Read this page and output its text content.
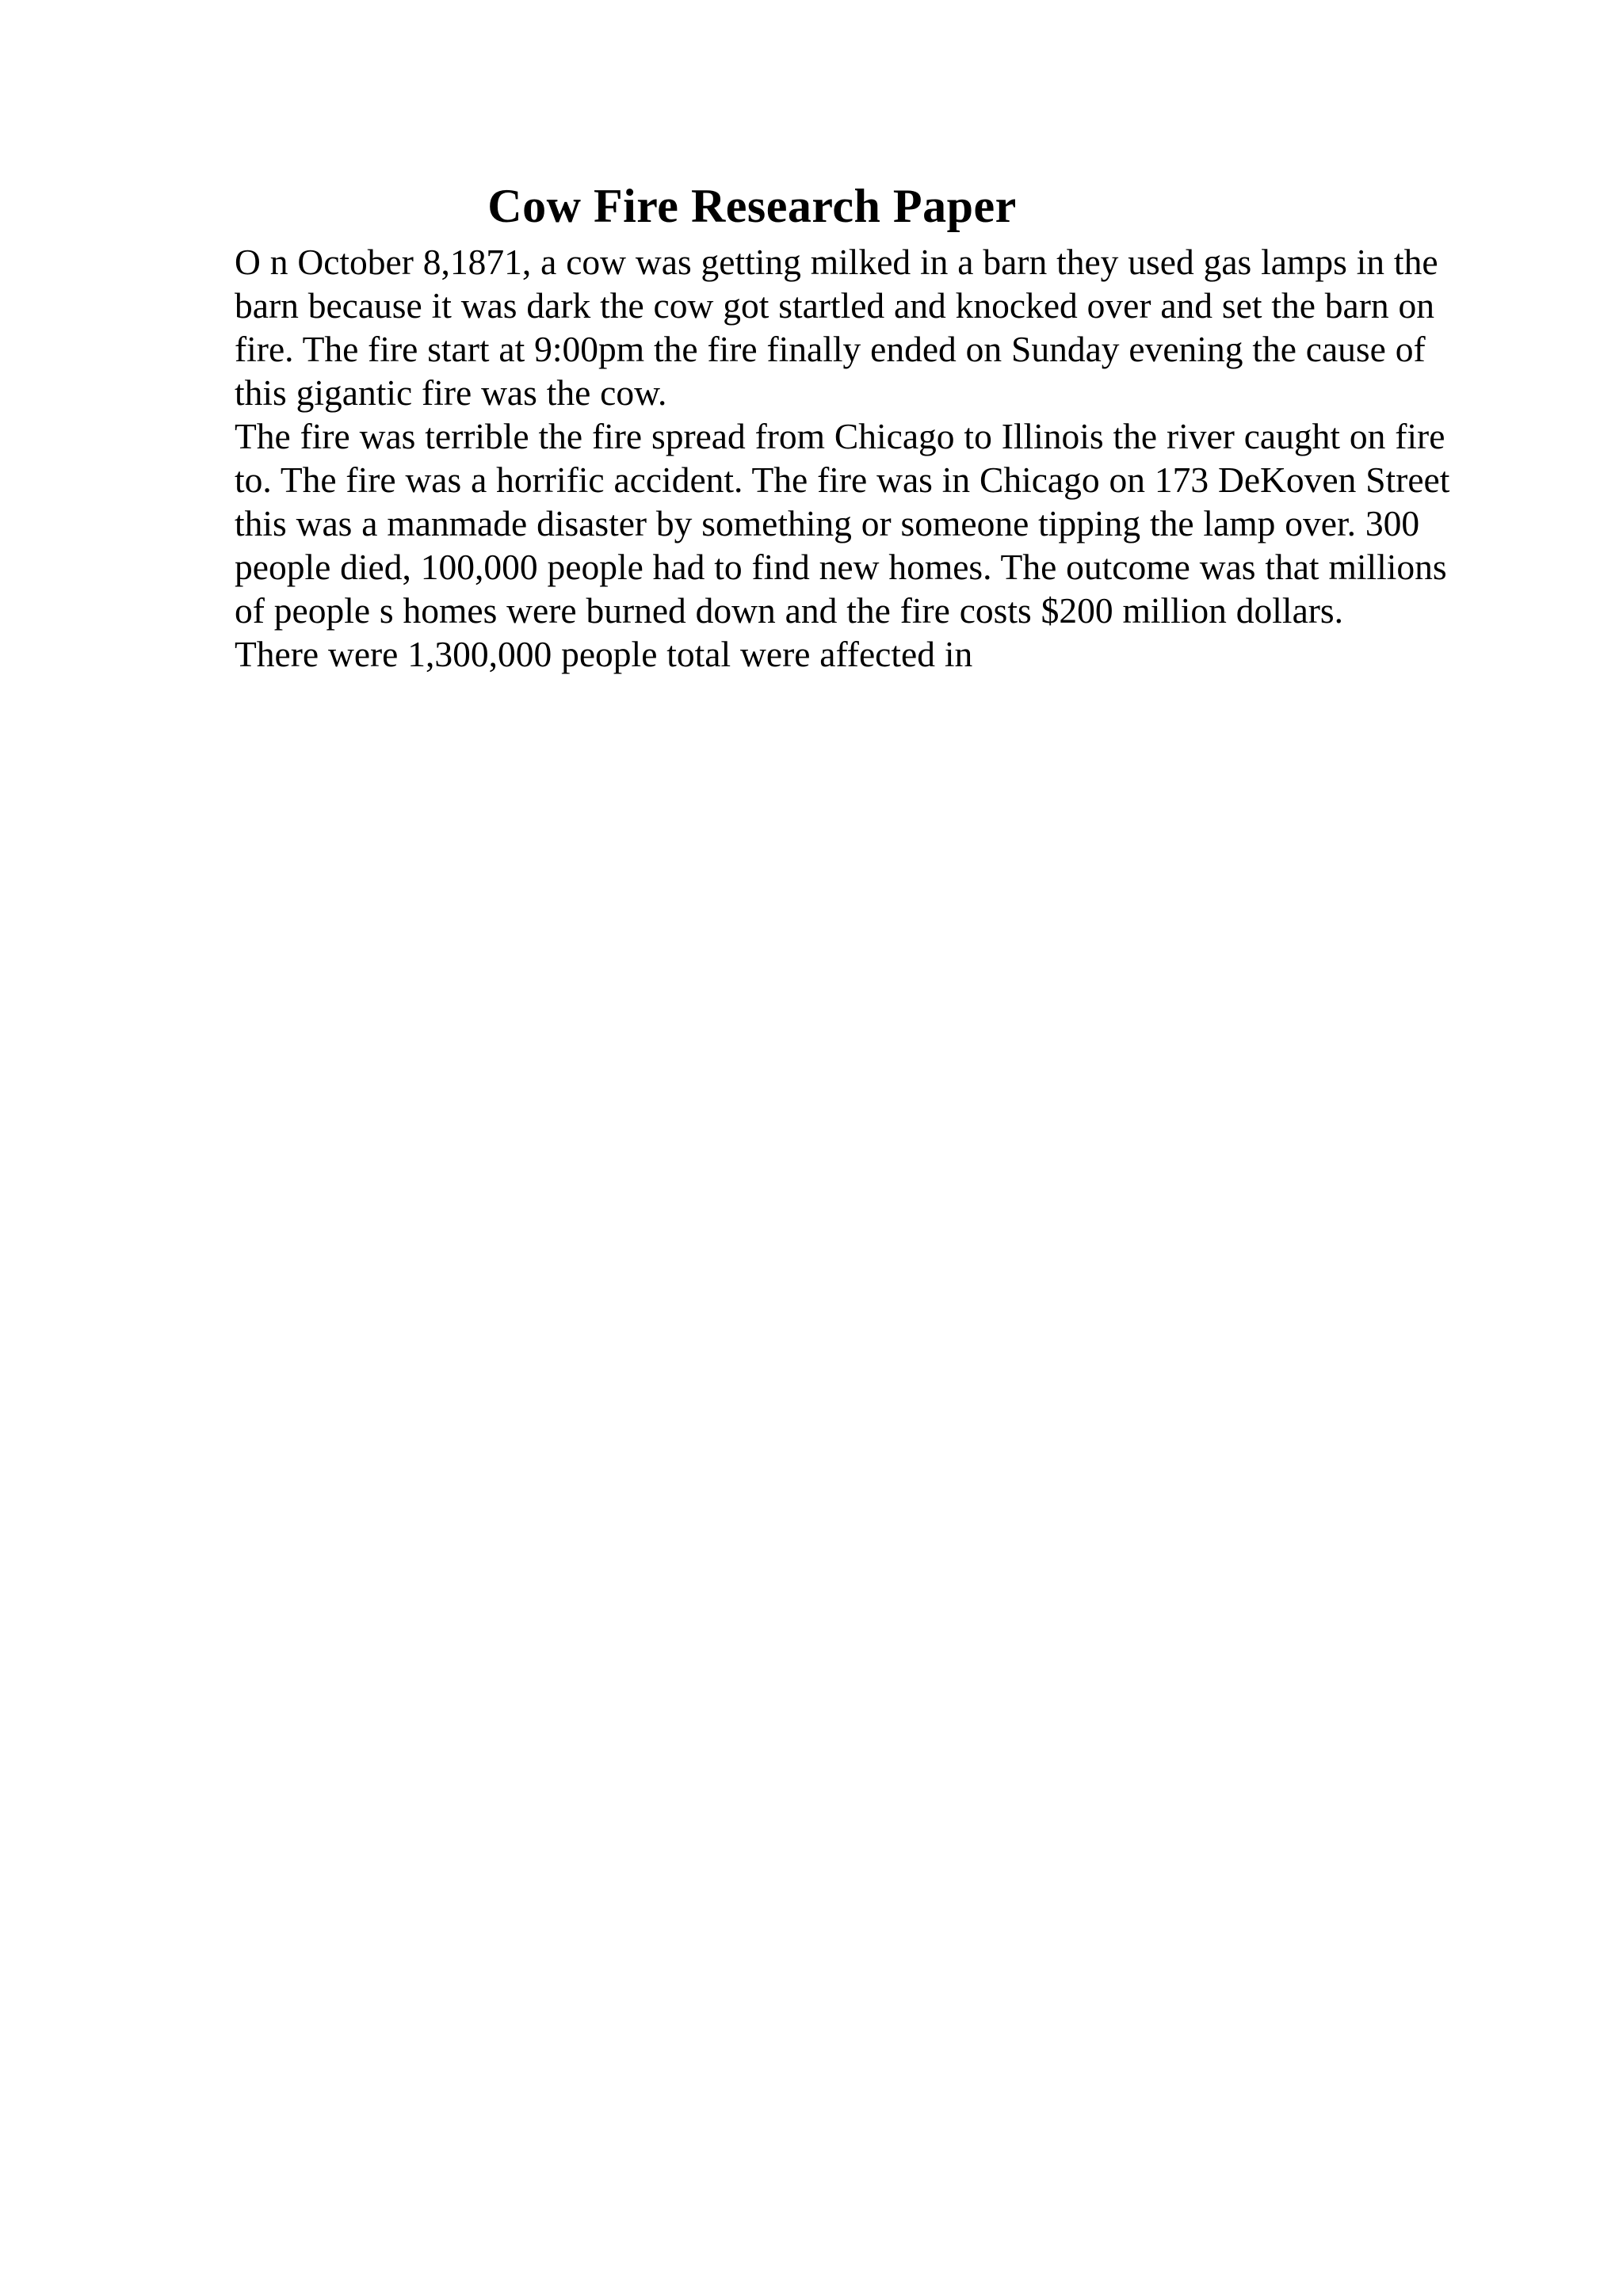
Cow Fire Research Paper

O n October 8,1871, a cow was getting milked in a barn they used gas lamps in the
barn because it was dark the cow got startled and knocked over and set the barn on
fire. The fire start at 9:00pm the fire finally ended on Sunday evening the cause of
this gigantic fire was the cow.

The fire was terrible the fire spread from Chicago to Illinois the river caught on fire
to. The fire was a horrific accident. The fire was in Chicago on 173 DeKoven Street
this was a manmade disaster by something or someone tipping the lamp over. 300
people died, 100,000 people had to find new homes. The outcome was that millions
of people s homes were burned down and the fire costs $200 million dollars.

There were 1,300,000 people total were affected in
